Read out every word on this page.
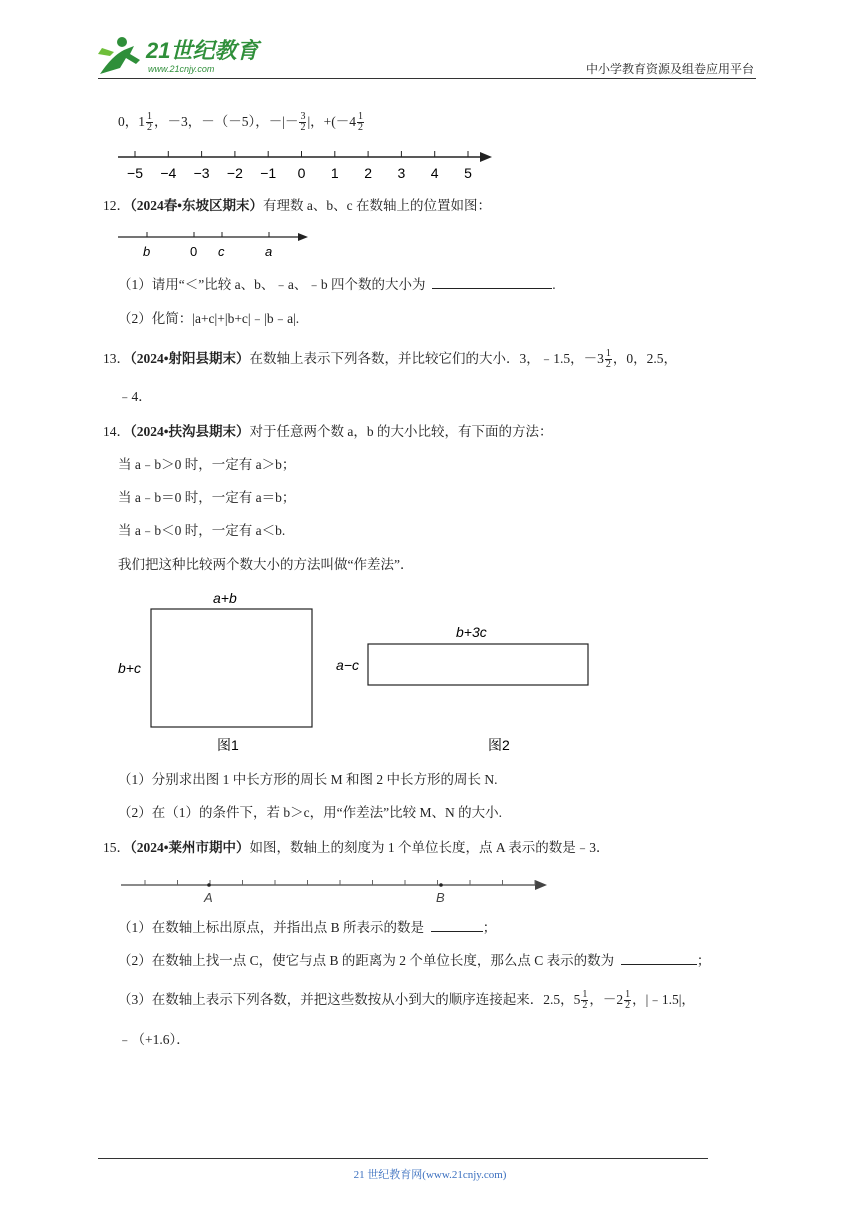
21世纪教育
www.21cnjy.com	中小学教育资源及组卷应用平台
0，$1 \frac{1}{2}$ ，－3，－（－5），－|－ $\frac{3}{2}$ |，$+(-4 \frac{1}{2}$
−5 −4 −3 −2 −1 0 1 2 3 4 5
12．（2024春•东坡区期末）有理数 a、b、c 在数轴上的位置如图：
b	0 c	a
（1）请用“＜”比较 a、b、﹣a、﹣b 四个数的大小为	.
（2）化简：|a+c|+|b+c|﹣|b﹣a|.
13．（2024•射阳县期末）在数轴上表示下列各数，并比较它们的大小．3，﹣1.5，$-3 \frac{1}{2}$ ，0，2.5，
﹣4．
14．（2024•扶沟县期末）对于任意两个数 a，b 的大小比较，有下面的方法：
当 a﹣b＞0 时，一定有 a＞b；
当 a﹣b＝0 时，一定有 a＝b；
当 a﹣b＜0 时，一定有 a＜b.
我们把这种比较两个数大小的方法叫做“作差法”．
a+b
b+c
图1
b+3c
a−c
图2
（1）分别求出图 1 中长方形的周长 M 和图 2 中长方形的周长 N.
（2）在（1）的条件下，若 b＞c，用“作差法”比较 M、N 的大小.
15．（2024•莱州市期中）如图，数轴上的刻度为 1 个单位长度，点 A 表示的数是﹣3．
A	B
（1）在数轴上标出原点，并指出点 B 所表示的数是	；
（2）在数轴上找一点 C，使它与点 B 的距离为 2 个单位长度，那么点 C 表示的数为	；
（3）在数轴上表示下列各数，并把这些数按从小到大的顺序连接起来．2.5，$5 \frac{1}{2}$ ，$-2 \frac{1}{2}$ ，|﹣1.5|，
﹣（+1.6）．
21 世纪教育网(www.21cnjy.com)
